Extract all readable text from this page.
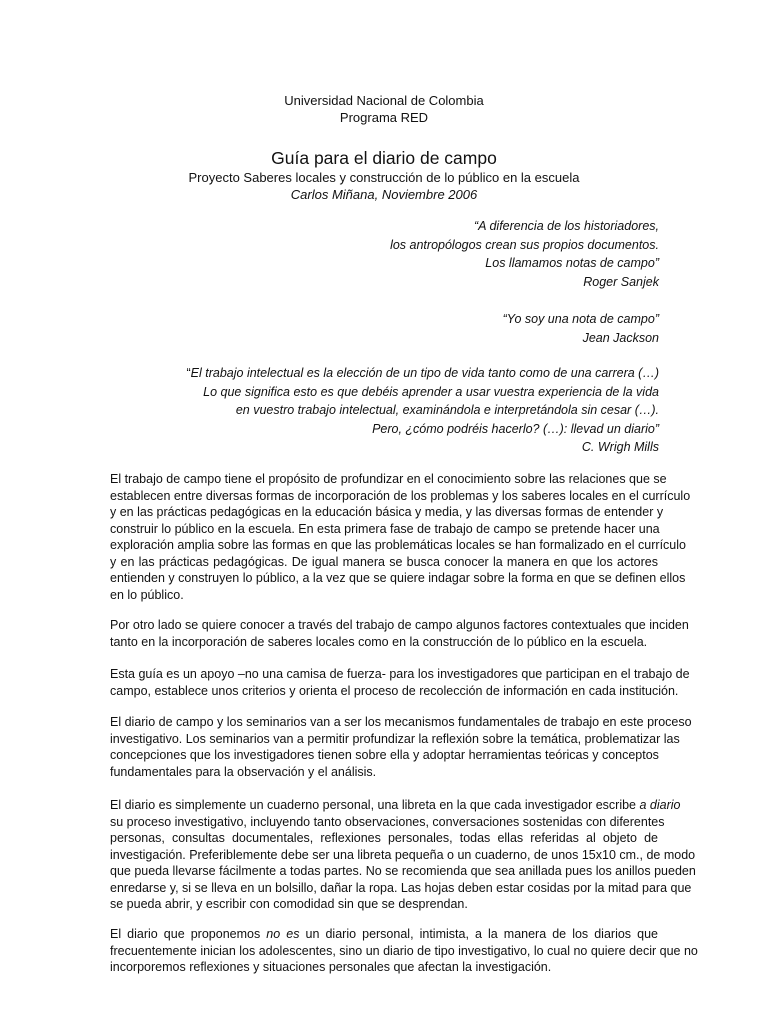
Universidad Nacional de Colombia
Programa RED
Guía para el diario de campo
Proyecto Saberes locales y construcción de lo público en la escuela
Carlos Miñana, Noviembre 2006
“A diferencia de los historiadores,
los antropólogos crean sus propios documentos.
Los llamamos notas de campo”
Roger Sanjek
“Yo soy una nota de campo”
Jean Jackson
“El trabajo intelectual es la elección de un tipo de vida tanto como de una carrera (…)
Lo que significa esto es que debéis aprender a usar vuestra experiencia de la vida
en vuestro trabajo intelectual, examinándola e interpretándola sin cesar (…).
Pero, ¿cómo podréis hacerlo? (…): llevad un diario”
C. Wrigh Mills
El trabajo de campo tiene el propósito de profundizar en el conocimiento sobre las relaciones que se
establecen entre diversas formas de incorporación de los problemas y los saberes locales en el currículo
y en las prácticas pedagógicas en la educación básica y media, y las diversas formas de entender y
construir lo público en la escuela. En esta primera fase de trabajo de campo se pretende hacer una
exploración amplia sobre las formas en que las problemáticas locales se han formalizado en el currículo
y en las prácticas pedagógicas. De igual manera se busca conocer la manera en que los actores
entienden y construyen lo público, a la vez que se quiere indagar sobre la forma en que se definen ellos
en lo público.
Por otro lado se quiere conocer a través del trabajo de campo algunos factores contextuales que inciden
tanto en la incorporación de saberes locales como en la construcción de lo público en la escuela.
Esta guía es un apoyo –no una camisa de fuerza- para los investigadores que participan en el trabajo de
campo, establece unos criterios y orienta el proceso de recolección de información en cada institución.
El diario de campo y los seminarios van a ser los mecanismos fundamentales de trabajo en este proceso
investigativo. Los seminarios van a permitir profundizar la reflexión sobre la temática, problematizar las
concepciones que los investigadores tienen sobre ella y adoptar herramientas teóricas y conceptos
fundamentales para la observación y el análisis.
El diario es simplemente un cuaderno personal, una libreta en la que cada investigador escribe a diario
su proceso investigativo, incluyendo tanto observaciones, conversaciones sostenidas con diferentes
personas, consultas documentales, reflexiones personales, todas ellas referidas al objeto de
investigación. Preferiblemente debe ser una libreta pequeña o un cuaderno, de unos 15x10 cm., de modo
que pueda llevarse fácilmente a todas partes. No se recomienda que sea anillada pues los anillos pueden
enredarse y, si se lleva en un bolsillo, dañar la ropa. Las hojas deben estar cosidas por la mitad para que
se pueda abrir, y escribir con comodidad sin que se desprendan.
El diario que proponemos no es un diario personal, intimista, a la manera de los diarios que
frecuentemente inician los adolescentes, sino un diario de tipo investigativo, lo cual no quiere decir que no
incorporemos reflexiones y situaciones personales que afectan la investigación.
